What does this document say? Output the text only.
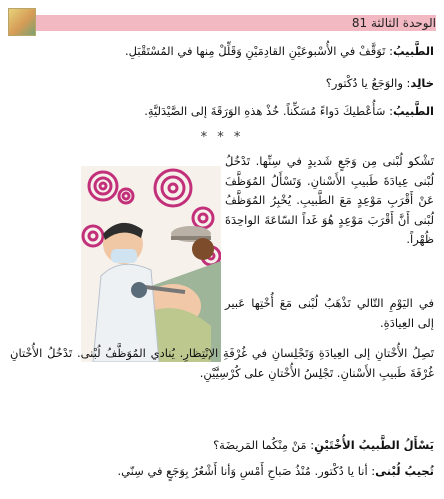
الوحدة الثالثة 81
الطَّبيبُ: تَوَقَّفْ في الأُسْبوعَيْنِ القادِمَيْنِ وَقَلِّلْ مِنها في المُسْتَقْبَلِ.
خالِد: والوَجَعُ يا دُكْتور؟
الطَّبيبُ: سَأُعْطيكَ دَواءً مُسَكِّناً. خُذْ هذهِ الوَرَقَةَ إلى الصَّيْدَليَّةِ.
* * *
تَشْكو لُبْنى مِن وَجَعٍ شَديدٍ في سِنِّها. تَدْخُلُ لُبْنى عِيادَةَ طَبيبِ الأَسْنانِ. وَتَسْأَلُ المُوَظَّفَ عَنْ أَقْرَبِ مَوْعِدٍ مَعَ الطَّبيبِ. يُخْبِرُ المُوَظَّفُ لُبْنى أَنَّ أَقْرَبَ مَوْعِدٍ هُوَ غَداً السّاعَةَ الواحِدَةَ ظُهْراً.
في اليَوْمِ التّالي تَذْهَبُ لُبْنى مَعَ أُخْتِها عَبير إلى العِيادَةِ.
تَصِلُ الأُخْتانِ إلى العِيادَةِ وَتَجْلِسانِ في غُرْفَةِ الإنْتِظارِ. يُنادي المُوَظَّفُ لُبْنى. تَدْخُلُ الأُخْتانِ غُرْفَةَ طَبيبِ الأَسْنانِ. تَجْلِسُ الأُخْتانِ على كُرْسِيَّيْنِ.
يَسْأَلُ الطَّبيبُ الأُخْتَيْنِ: مَنْ مِنْكُما المَريضَة؟
تُجيبُ لُبْنى: أنا يا دُكْتور. مُنْذُ صَباحِ أَمْسِ وَأنا أَشْعُرُ بِوَجَعٍ في سِنّي.
